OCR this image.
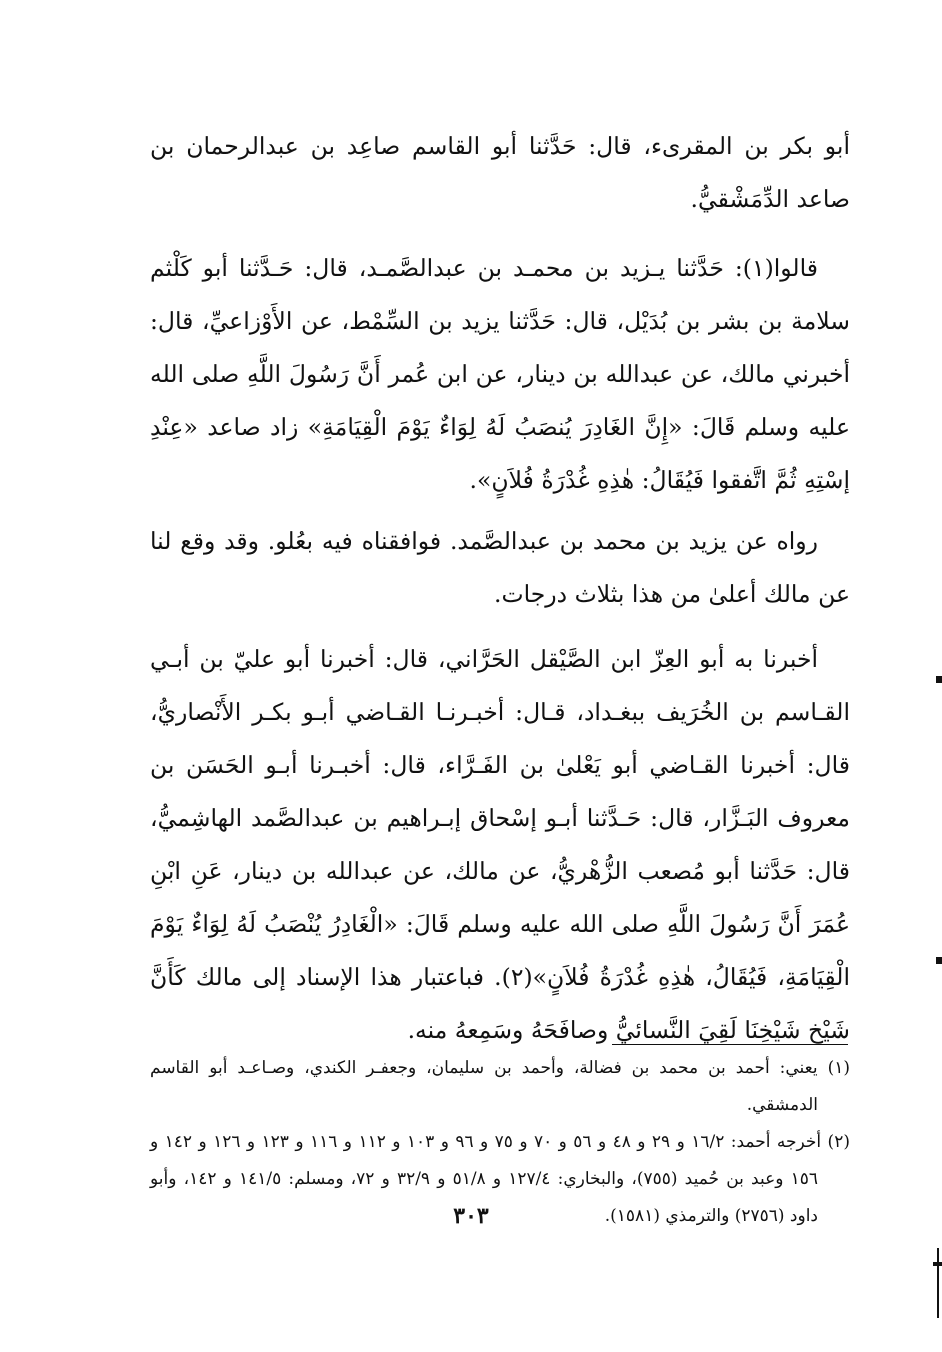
أبو بكر بن المقرىء، قال: حَدَّثنا أبو القاسم صاعِد بن عبدالرحمان بن صاعد الدِّمَشْقيُّ.

قالوا(١): حَدَّثنا يـزيد بن محمـد بن عبدالصَّمـد، قال: حَـدَّثنا أبو كَلْثم سلامة بن بشر بن بُدَيْل، قال: حَدَّثنا يزيد بن السِّمْط، عن الأَوْزاعيِّ، قال: أخبرني مالك، عن عبدالله بن دينار، عن ابن عُمر أَنَّ رَسُولَ اللَّهِ صلى الله عليه وسلم قَالَ: «إِنَّ الغَادِرَ يُنصَبُ لَهُ لِوَاءٌ يَوْمَ الْقِيَامَةِ» زاد صاعد «عِنْدِ إسْتِهِ ثُمَّ اتَّفقوا فَيُقَالُ: هٰذِهِ غُدْرَةُ فُلاَنٍ».

رواه عن يزيد بن محمد بن عبدالصَّمد. فوافقناه فيه بعُلو. وقد وقع لنا عن مالك أعلىٰ من هذا بثلاث درجات.

أخبرنا به أبو العِزّ ابن الصَّيْقل الحَرَّاني، قال: أخبرنا أبو عليّ بن أبـي القـاسم بن الخُرَيف ببغـداد، قـال: أخبـرنـا القـاضي أبـو بكـر الأَنْصاريُّ، قال: أخبرنا القـاضي أبو يَعْلىٰ بن الفَـرَّاء، قال: أخبـرنا أبـو الحَسَن بن معروف البَـزَّار، قال: حَـدَّثنا أبـو إسْحاق إبـراهيم بن عبدالصَّمد الهاشِميُّ، قال: حَدَّثنا أبو مُصعب الزُّهْريُّ، عن مالك، عن عبدالله بن دينار، عَنِ ابْنِ عُمَرَ أَنَّ رَسُولَ اللَّهِ صلى الله عليه وسلم قَالَ: «الْغَادِرُ يُنْصَبُ لَهُ لِوَاءٌ يَوْمَ الْقِيَامَةِ، فَيُقَالُ، هٰذِهِ غُدْرَةُ فُلاَنٍ»(٢). فباعتبار هذا الإسناد إلى مالك كَأَنَّ شَيْخ شَيْخِنَا لَقِيَ النَّسائيُّ وصافَحَهُ وسَمِعهُ منه.

(١) يعني: أحمد بن محمد بن فضالة، وأحمد بن سليمان، وجعفـر الكندي، وصـاعـد أبو القاسم الدمشقي.

(٢) أخرجه أحمد: ١٦/٢ و ٢٩ و ٤٨ و ٥٦ و ٧٠ و ٧٥ و ٩٦ و ١٠٣ و ١١٢ و ١١٦ و ١٢٣ و ١٢٦ و ١٤٢ و ١٥٦ وعبد بن حُميد (٧٥٥)، والبخاري: ١٢٧/٤ و ٥١/٨ و ٣٢/٩ و ٧٢، ومسلم: ١٤١/٥ و ١٤٢، وأبو داود (٢٧٥٦) والترمذي (١٥٨١).

٣٠٣
